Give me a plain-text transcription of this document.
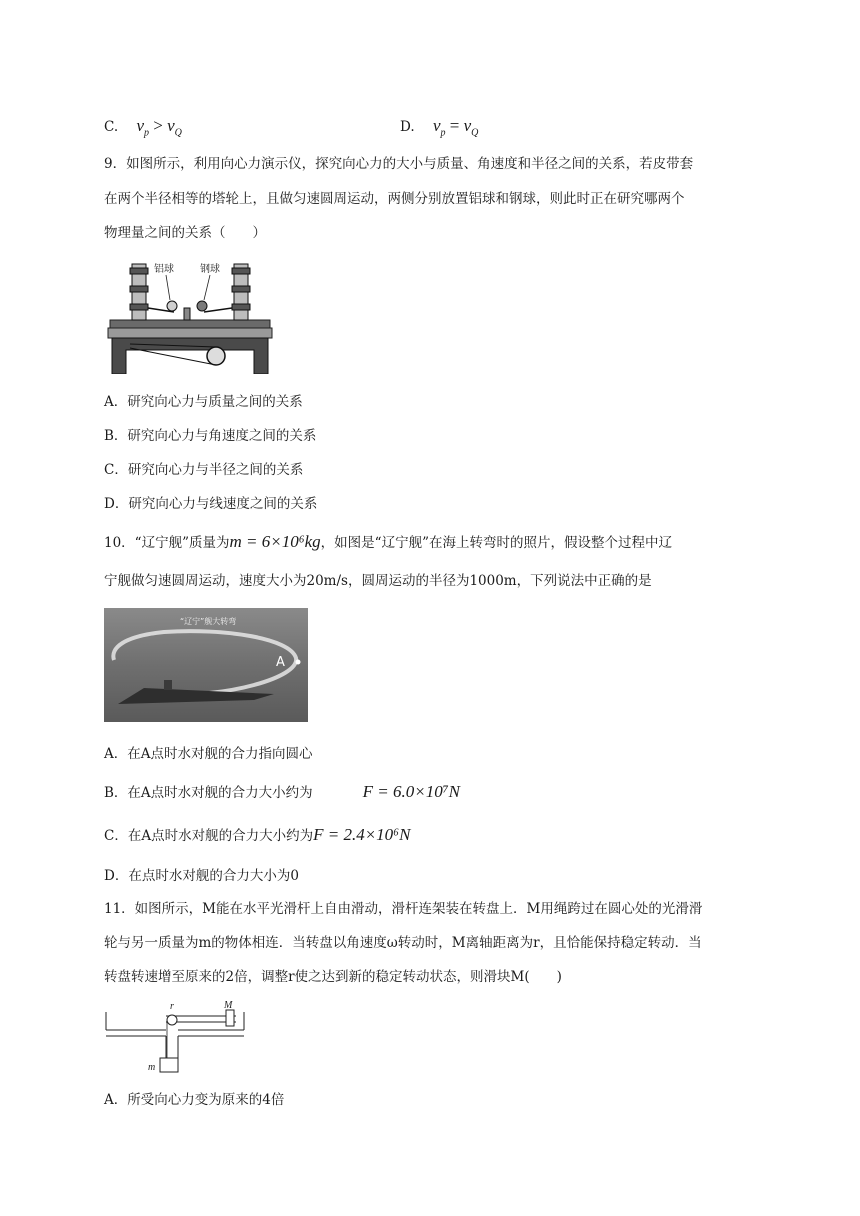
C. $v_p > v_Q$	D. $v_p = v_Q$
9．如图所示，利用向心力演示仪，探究向心力的大小与质量、角速度和半径之间的关系，若皮带套
在两个半径相等的塔轮上，且做匀速圆周运动，两侧分别放置铝球和钢球，则此时正在研究哪两个
物理量之间的关系（　　）
铝球	钢球
A．研究向心力与质量之间的关系
B．研究向心力与角速度之间的关系
C．研究向心力与半径之间的关系
D．研究向心力与线速度之间的关系
10．“辽宁舰”质量为m = 6×10⁶kg，如图是“辽宁舰”在海上转弯时的照片，假设整个过程中辽
宁舰做匀速圆周运动，速度大小为20m/s，圆周运动的半径为1000m，下列说法中正确的是
A
“辽宁”舰大转弯
A．在A点时水对舰的合力指向圆心
B．在A点时水对舰的合力大小约为	F = 6.0×10⁷N
C．在A点时水对舰的合力大小约为F = 2.4×10⁶N
D．在点时水对舰的合力大小为0
11．如图所示，M能在水平光滑杆上自由滑动，滑杆连架装在转盘上．M用绳跨过在圆心处的光滑滑
轮与另一质量为m的物体相连．当转盘以角速度ω转动时，M离轴距离为r，且恰能保持稳定转动．当
转盘转速增至原来的2倍，调整r使之达到新的稳定转动状态，则滑块M(　　)
r	M
m
A．所受向心力变为原来的4倍
